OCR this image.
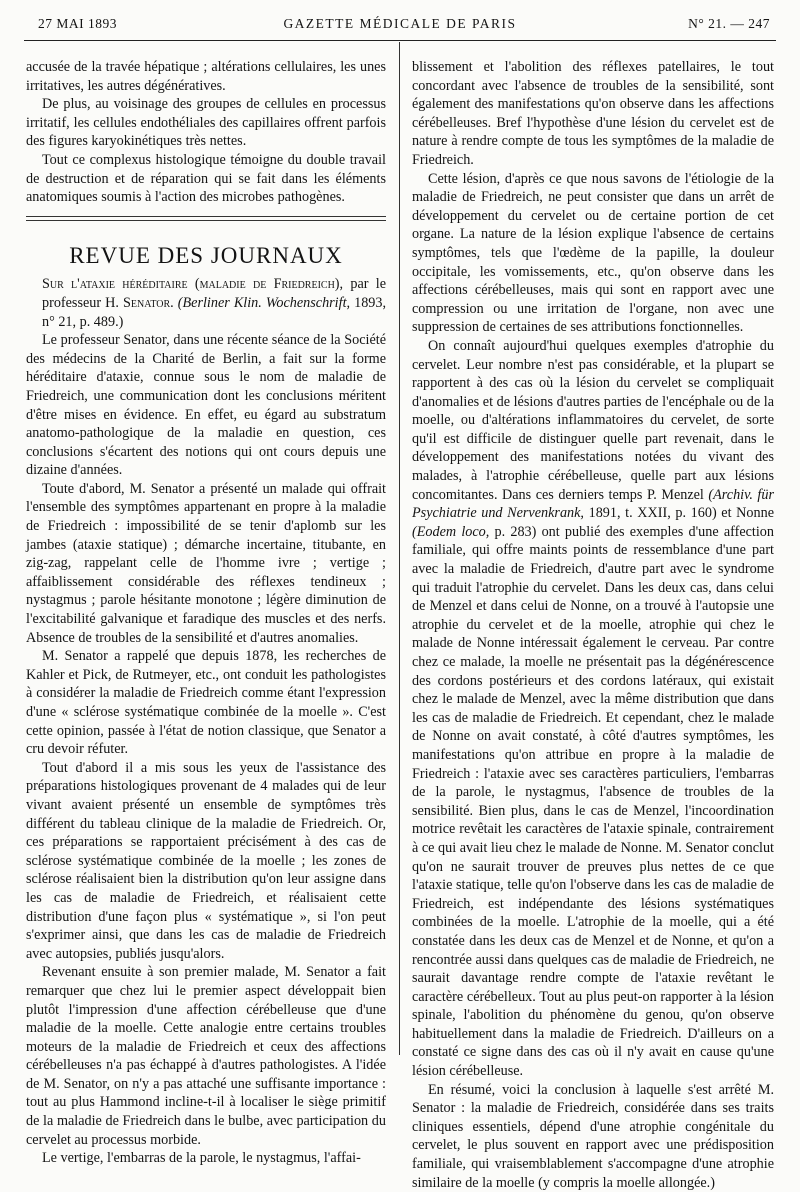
27 MAI 1893	GAZETTE MÉDICALE DE PARIS	N° 21. — 247

accusée de la travée hépatique ; altérations cellulaires, les unes irritatives, les autres dégénératives.

De plus, au voisinage des groupes de cellules en processus irritatif, les cellules endothéliales des capillaires offrent parfois des figures karyokinétiques très nettes.

Tout ce complexus histologique témoigne du double travail de destruction et de réparation qui se fait dans les éléments anatomiques soumis à l'action des microbes pathogènes.

REVUE DES JOURNAUX

Sur l'ataxie héréditaire (maladie de Friedreich), par le professeur H. Senator. (Berliner Klin. Wochenschrift, 1893, n° 21, p. 489.)

Le professeur Senator, dans une récente séance de la Société des médecins de la Charité de Berlin, a fait sur la forme héréditaire d'ataxie, connue sous le nom de maladie de Friedreich, une communication dont les conclusions méritent d'être mises en évidence. En effet, eu égard au substratum anatomo-pathologique de la maladie en question, ces conclusions s'écartent des notions qui ont cours depuis une dizaine d'années.

Toute d'abord, M. Senator a présenté un malade qui offrait l'ensemble des symptômes appartenant en propre à la maladie de Friedreich : impossibilité de se tenir d'aplomb sur les jambes (ataxie statique) ; démarche incertaine, titubante, en zig-zag, rappelant celle de l'homme ivre ; vertige ; affaiblissement considérable des réflexes tendineux ; nystagmus ; parole hésitante monotone ; légère diminution de l'excitabilité galvanique et faradique des muscles et des nerfs. Absence de troubles de la sensibilité et d'autres anomalies.

M. Senator a rappelé que depuis 1878, les recherches de Kahler et Pick, de Rutmeyer, etc., ont conduit les pathologistes à considérer la maladie de Friedreich comme étant l'expression d'une « sclérose systématique combinée de la moelle ». C'est cette opinion, passée à l'état de notion classique, que Senator a cru devoir réfuter.

Tout d'abord il a mis sous les yeux de l'assistance des préparations histologiques provenant de 4 malades qui de leur vivant avaient présenté un ensemble de symptômes très différent du tableau clinique de la maladie de Friedreich. Or, ces préparations se rapportaient précisément à des cas de sclérose systématique combinée de la moelle ; les zones de sclérose réalisaient bien la distribution qu'on leur assigne dans les cas de maladie de Friedreich, et réalisaient cette distribution d'une façon plus « systématique », si l'on peut s'exprimer ainsi, que dans les cas de maladie de Friedreich avec autopsies, publiés jusqu'alors.

Revenant ensuite à son premier malade, M. Senator a fait remarquer que chez lui le premier aspect développait bien plutôt l'impression d'une affection cérébelleuse que d'une maladie de la moelle. Cette analogie entre certains troubles moteurs de la maladie de Friedreich et ceux des affections cérébelleuses n'a pas échappé à d'autres pathologistes. A l'idée de M. Senator, on n'y a pas attaché une suffisante importance : tout au plus Hammond incline-t-il à localiser le siège primitif de la maladie de Friedreich dans le bulbe, avec participation du cervelet au processus morbide.

Le vertige, l'embarras de la parole, le nystagmus, l'affai-

blissement et l'abolition des réflexes patellaires, le tout concordant avec l'absence de troubles de la sensibilité, sont également des manifestations qu'on observe dans les affections cérébelleuses. Bref l'hypothèse d'une lésion du cervelet est de nature à rendre compte de tous les symptômes de la maladie de Friedreich.

Cette lésion, d'après ce que nous savons de l'étiologie de la maladie de Friedreich, ne peut consister que dans un arrêt de développement du cervelet ou de certaine portion de cet organe. La nature de la lésion explique l'absence de certains symptômes, tels que l'œdème de la papille, la douleur occipitale, les vomissements, etc., qu'on observe dans les affections cérébelleuses, mais qui sont en rapport avec une compression ou une irritation de l'organe, non avec une suppression de certaines de ses attributions fonctionnelles.

On connaît aujourd'hui quelques exemples d'atrophie du cervelet. Leur nombre n'est pas considérable, et la plupart se rapportent à des cas où la lésion du cervelet se compliquait d'anomalies et de lésions d'autres parties de l'encéphale ou de la moelle, ou d'altérations inflammatoires du cervelet, de sorte qu'il est difficile de distinguer quelle part revenait, dans le développement des manifestations notées du vivant des malades, à l'atrophie cérébelleuse, quelle part aux lésions concomitantes. Dans ces derniers temps P. Menzel (Archiv. für Psychiatrie und Nervenkrank, 1891, t. XXII, p. 160) et Nonne (Eodem loco, p. 283) ont publié des exemples d'une affection familiale, qui offre maints points de ressemblance d'une part avec la maladie de Friedreich, d'autre part avec le syndrome qui traduit l'atrophie du cervelet. Dans les deux cas, dans celui de Menzel et dans celui de Nonne, on a trouvé à l'autopsie une atrophie du cervelet et de la moelle, atrophie qui chez le malade de Nonne intéressait également le cerveau. Par contre chez ce malade, la moelle ne présentait pas la dégénérescence des cordons postérieurs et des cordons latéraux, qui existait chez le malade de Menzel, avec la même distribution que dans les cas de maladie de Friedreich. Et cependant, chez le malade de Nonne on avait constaté, à côté d'autres symptômes, les manifestations qu'on attribue en propre à la maladie de Friedreich : l'ataxie avec ses caractères particuliers, l'embarras de la parole, le nystagmus, l'absence de troubles de la sensibilité. Bien plus, dans le cas de Menzel, l'incoordination motrice revêtait les caractères de l'ataxie spinale, contrairement à ce qui avait lieu chez le malade de Nonne. M. Senator conclut qu'on ne saurait trouver de preuves plus nettes de ce que l'ataxie statique, telle qu'on l'observe dans les cas de maladie de Friedreich, est indépendante des lésions systématiques combinées de la moelle. L'atrophie de la moelle, qui a été constatée dans les deux cas de Menzel et de Nonne, et qu'on a rencontrée aussi dans quelques cas de maladie de Friedreich, ne saurait davantage rendre compte de l'ataxie revêtant le caractère cérébelleux. Tout au plus peut-on rapporter à la lésion spinale, l'abolition du phénomène du genou, qu'on observe habituellement dans la maladie de Friedreich. D'ailleurs on a constaté ce signe dans des cas où il n'y avait en cause qu'une lésion cérébelleuse.

En résumé, voici la conclusion à laquelle s'est arrêté M. Senator : la maladie de Friedreich, considérée dans ses traits cliniques essentiels, dépend d'une atrophie congénitale du cervelet, le plus souvent en rapport avec une prédisposition familiale, qui vraisemblablement s'accompagne d'une atrophie similaire de la moelle (y compris la moelle allongée.)
